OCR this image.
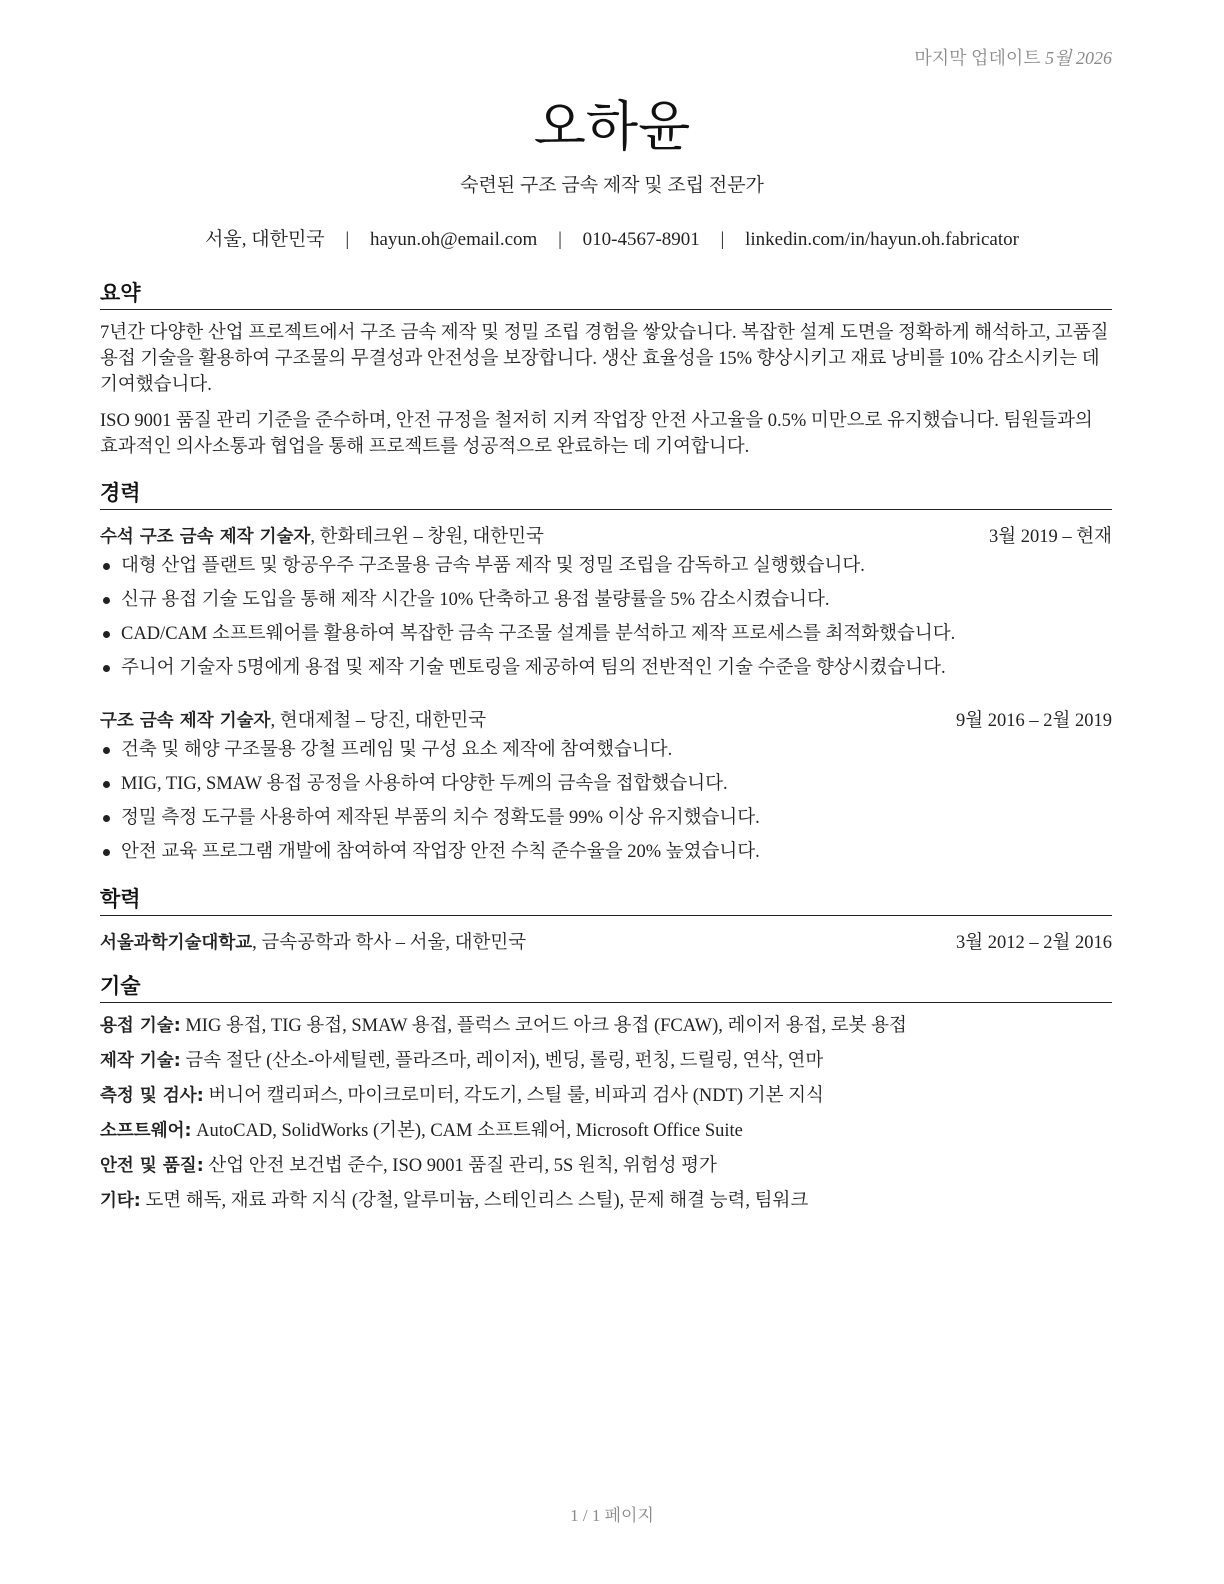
마지막 업데이트 5월 2026
오하윤
숙련된 구조 금속 제작 및 조립 전문가
서울, 대한민국 | hayun.oh@email.com | 010-4567-8901 | linkedin.com/in/hayun.oh.fabricator
요약

7년간 다양한 산업 프로젝트에서 구조 금속 제작 및 정밀 조립 경험을 쌓았습니다. 복잡한 설계 도면을 정확하게 해석하고, 고품질 용접 기술을 활용하여 구조물의 무결성과 안전성을 보장합니다. 생산 효율성을 15% 향상시키고 재료 낭비를 10% 감소시키는 데 기여했습니다.

ISO 9001 품질 관리 기준을 준수하며, 안전 규정을 철저히 지켜 작업장 안전 사고율을 0.5% 미만으로 유지했습니다. 팀원들과의 효과적인 의사소통과 협업을 통해 프로젝트를 성공적으로 완료하는 데 기여합니다.

경력
수석 구조 금속 제작 기술자, 한화테크윈 – 창원, 대한민국	3월 2019 – 현재
대형 산업 플랜트 및 항공우주 구조물용 금속 부품 제작 및 정밀 조립을 감독하고 실행했습니다.
신규 용접 기술 도입을 통해 제작 시간을 10% 단축하고 용접 불량률을 5% 감소시켰습니다.
CAD/CAM 소프트웨어를 활용하여 복잡한 금속 구조물 설계를 분석하고 제작 프로세스를 최적화했습니다.
주니어 기술자 5명에게 용접 및 제작 기술 멘토링을 제공하여 팀의 전반적인 기술 수준을 향상시켰습니다.
구조 금속 제작 기술자, 현대제철 – 당진, 대한민국	9월 2016 – 2월 2019
건축 및 해양 구조물용 강철 프레임 및 구성 요소 제작에 참여했습니다.
MIG, TIG, SMAW 용접 공정을 사용하여 다양한 두께의 금속을 접합했습니다.
정밀 측정 도구를 사용하여 제작된 부품의 치수 정확도를 99% 이상 유지했습니다.
안전 교육 프로그램 개발에 참여하여 작업장 안전 수칙 준수율을 20% 높였습니다.
학력
서울과학기술대학교, 금속공학과 학사 – 서울, 대한민국	3월 2012 – 2월 2016
기술
용접 기술: MIG 용접, TIG 용접, SMAW 용접, 플럭스 코어드 아크 용접 (FCAW), 레이저 용접, 로봇 용접
제작 기술: 금속 절단 (산소-아세틸렌, 플라즈마, 레이저), 벤딩, 롤링, 펀칭, 드릴링, 연삭, 연마
측정 및 검사: 버니어 캘리퍼스, 마이크로미터, 각도기, 스틸 룰, 비파괴 검사 (NDT) 기본 지식
소프트웨어: AutoCAD, SolidWorks (기본), CAM 소프트웨어, Microsoft Office Suite
안전 및 품질: 산업 안전 보건법 준수, ISO 9001 품질 관리, 5S 원칙, 위험성 평가
기타: 도면 해독, 재료 과학 지식 (강철, 알루미늄, 스테인리스 스틸), 문제 해결 능력, 팀워크
1 / 1 페이지
